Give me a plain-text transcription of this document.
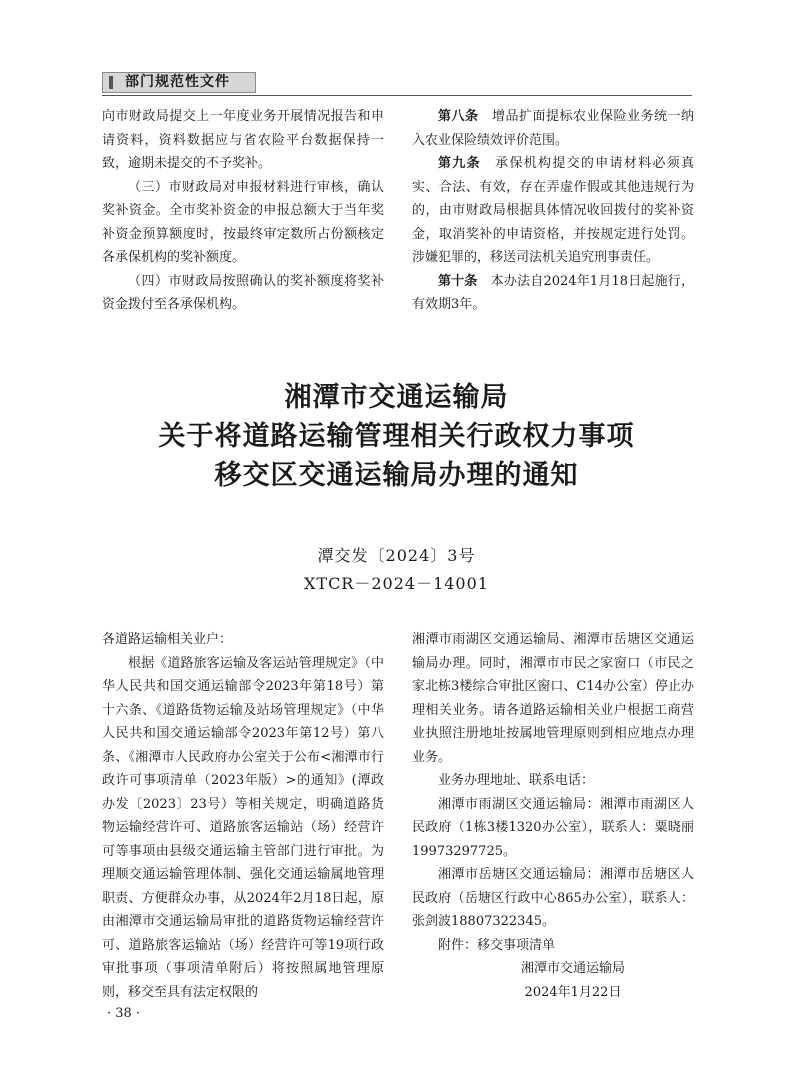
部门规范性文件

向市财政局提交上一年度业务开展情况报告和申请资料，资料数据应与省农险平台数据保持一致，逾期未提交的不予奖补。

（三）市财政局对申报材料进行审核，确认奖补资金。全市奖补资金的申报总额大于当年奖补资金预算额度时，按最终审定数所占份额核定各承保机构的奖补额度。

（四）市财政局按照确认的奖补额度将奖补资金拨付至各承保机构。

第八条　增品扩面提标农业保险业务统一纳入农业保险绩效评价范围。

第九条　承保机构提交的申请材料必须真实、合法、有效，存在弄虚作假或其他违规行为的，由市财政局根据具体情况收回拨付的奖补资金，取消奖补的申请资格，并按规定进行处罚。涉嫌犯罪的，移送司法机关追究刑事责任。

第十条　本办法自2024年1月18日起施行，有效期3年。

湘潭市交通运输局
关于将道路运输管理相关行政权力事项
移交区交通运输局办理的通知
潭交发〔2024〕3号
XTCR－2024－14001

各道路运输相关业户：

根据《道路旅客运输及客运站管理规定》（中华人民共和国交通运输部令2023年第18号）第十六条、《道路货物运输及站场管理规定》（中华人民共和国交通运输部令2023年第12号）第八条、《湘潭市人民政府办公室关于公布<湘潭市行政许可事项清单（2023年版）>的通知》(潭政办发〔2023〕23号）等相关规定，明确道路货物运输经营许可、道路旅客运输站（场）经营许可等事项由县级交通运输主管部门进行审批。为理顺交通运输管理体制、强化交通运输属地管理职责、方便群众办事，从2024年2月18日起，原由湘潭市交通运输局审批的道路货物运输经营许可、道路旅客运输站（场）经营许可等19项行政审批事项（事项清单附后）将按照属地管理原则，移交至具有法定权限的

湘潭市雨湖区交通运输局、湘潭市岳塘区交通运输局办理。同时，湘潭市市民之家窗口（市民之家北栋3楼综合审批区窗口、C14办公室）停止办理相关业务。请各道路运输相关业户根据工商营业执照注册地址按属地管理原则到相应地点办理业务。

业务办理地址、联系电话：

湘潭市雨湖区交通运输局：湘潭市雨湖区人民政府（1栋3楼1320办公室），联系人：粟晓丽19973297725。

湘潭市岳塘区交通运输局：湘潭市岳塘区人民政府（岳塘区行政中心865办公室），联系人：张剑波18807322345。

附件：移交事项清单

湘潭市交通运输局

2024年1月22日

· 38 ·
